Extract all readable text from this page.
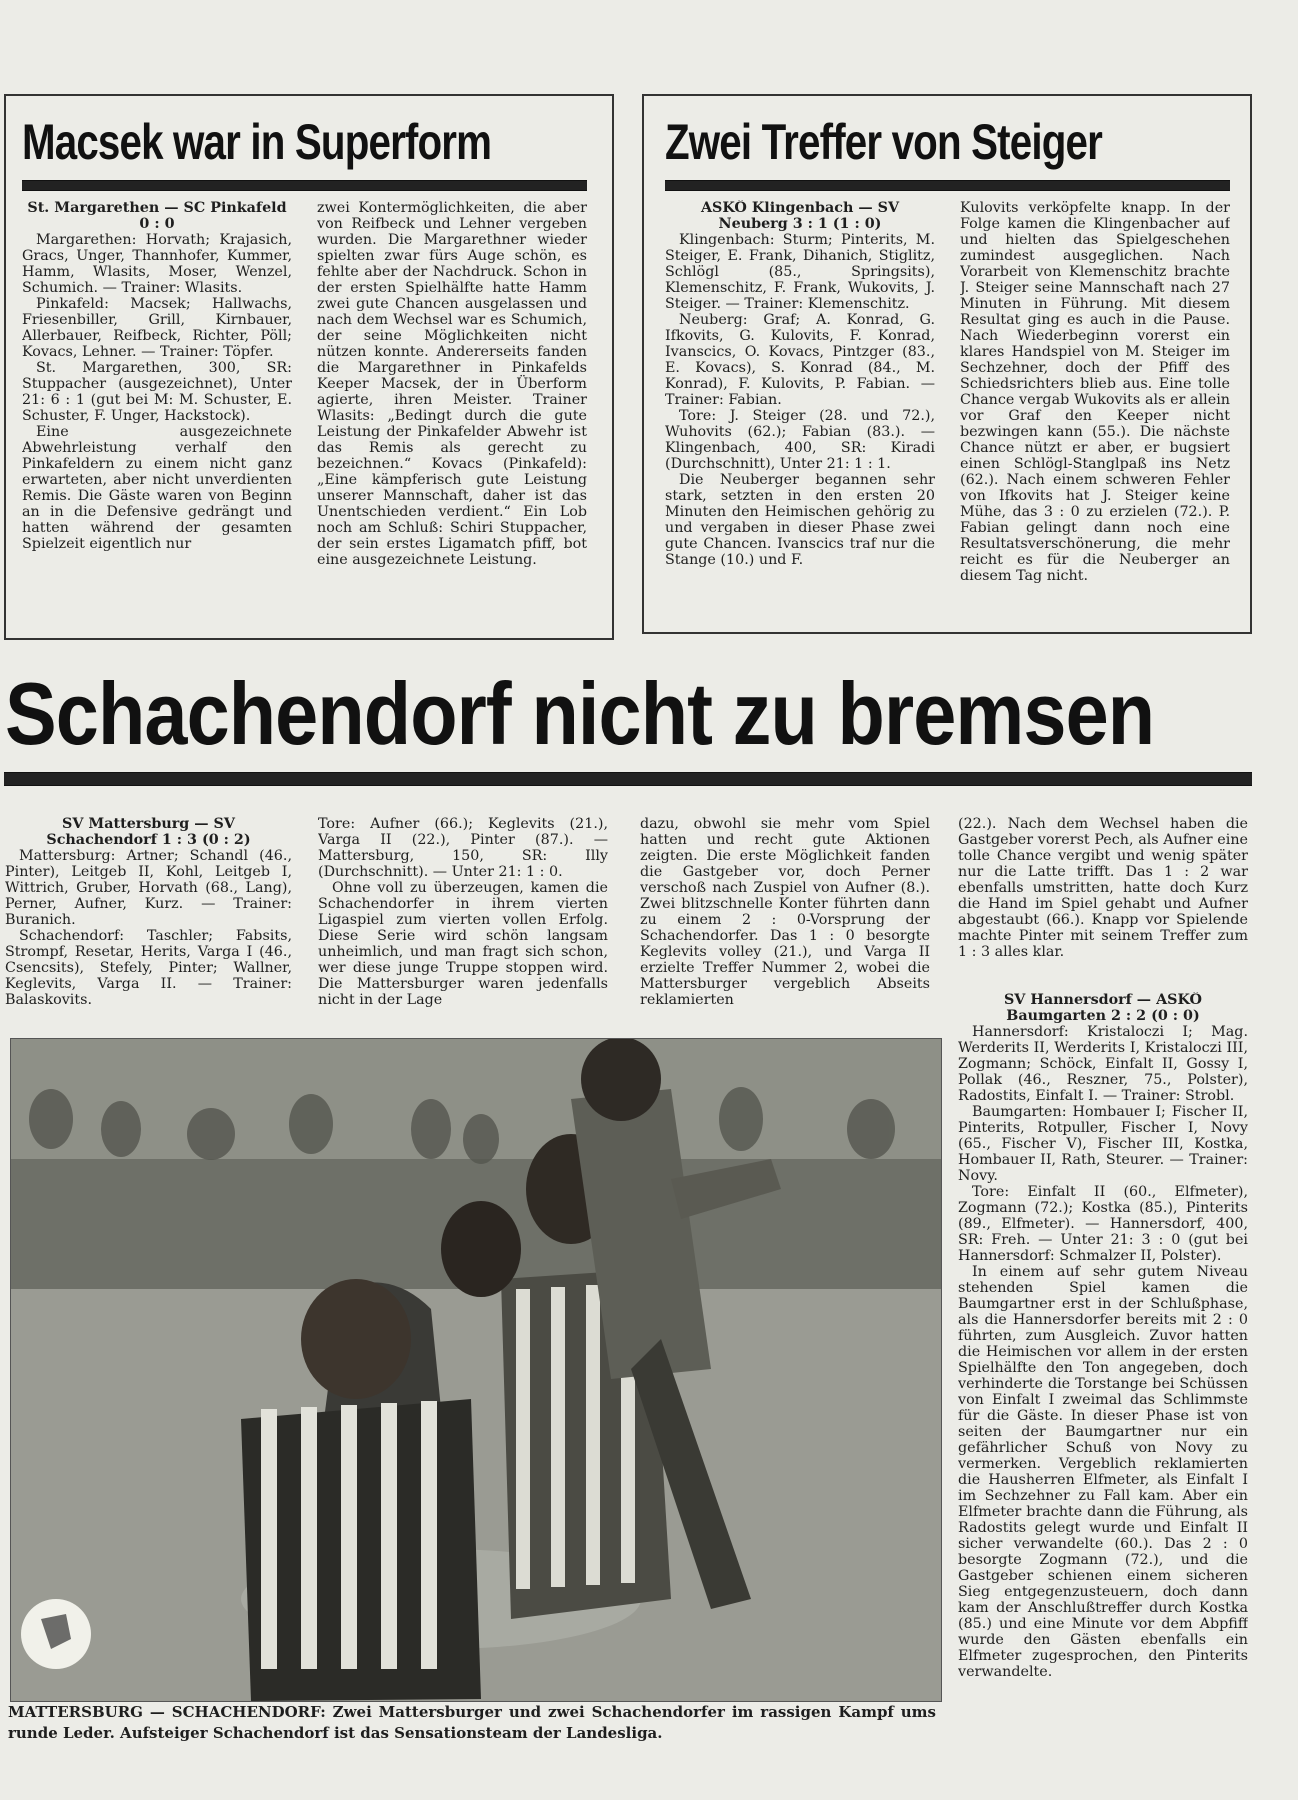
Macsek war in Superform

St. Margarethen — SC Pinkafeld 0 : 0

Margarethen: Horvath; Krajasich, Gracs, Unger, Thannhofer, Kummer, Hamm, Wlasits, Moser, Wenzel, Schumich. — Trainer: Wlasits.

Pinkafeld: Macsek; Hallwachs, Friesenbiller, Grill, Kirnbauer, Allerbauer, Reifbeck, Richter, Pöll; Kovacs, Lehner. — Trainer: Töpfer.

St. Margarethen, 300, SR: Stuppacher (ausgezeichnet), Unter 21: 6 : 1 (gut bei M: M. Schuster, E. Schuster, F. Unger, Hackstock).

Eine ausgezeichnete Abwehrleistung verhalf den Pinkafeldern zu einem nicht ganz erwarteten, aber nicht unverdienten Remis. Die Gäste waren von Beginn an in die Defensive gedrängt und hatten während der gesamten Spielzeit eigentlich nur

zwei Kontermöglichkeiten, die aber von Reifbeck und Lehner vergeben wurden. Die Margarethner wieder spielten zwar fürs Auge schön, es fehlte aber der Nachdruck. Schon in der ersten Spielhälfte hatte Hamm zwei gute Chancen ausgelassen und nach dem Wechsel war es Schumich, der seine Möglichkeiten nicht nützen konnte. Andererseits fanden die Margarethner in Pinkafelds Keeper Macsek, der in Überform agierte, ihren Meister. Trainer Wlasits: „Bedingt durch die gute Leistung der Pinkafelder Abwehr ist das Remis als gerecht zu bezeichnen.“ Kovacs (Pinkafeld): „Eine kämpferisch gute Leistung unserer Mannschaft, daher ist das Unentschieden verdient.“ Ein Lob noch am Schluß: Schiri Stuppacher, der sein erstes Ligamatch pfiff, bot eine ausgezeichnete Leistung.

Zwei Treffer von Steiger

ASKÖ Klingenbach — SV Neuberg 3 : 1 (1 : 0)

Klingenbach: Sturm; Pinterits, M. Steiger, E. Frank, Dihanich, Stiglitz, Schlögl (85., Springsits), Klemenschitz, F. Frank, Wukovits, J. Steiger. — Trainer: Klemenschitz.

Neuberg: Graf; A. Konrad, G. Ifkovits, G. Kulovits, F. Konrad, Ivanscics, O. Kovacs, Pintzger (83., E. Kovacs), S. Konrad (84., M. Konrad), F. Kulovits, P. Fabian. — Trainer: Fabian.

Tore: J. Steiger (28. und 72.), Wuhovits (62.); Fabian (83.). — Klingenbach, 400, SR: Kiradi (Durchschnitt), Unter 21: 1 : 1.

Die Neuberger begannen sehr stark, setzten in den ersten 20 Minuten den Heimischen gehörig zu und vergaben in dieser Phase zwei gute Chancen. Ivanscics traf nur die Stange (10.) und F.

Kulovits verköpfelte knapp. In der Folge kamen die Klingenbacher auf und hielten das Spielgeschehen zumindest ausgeglichen. Nach Vorarbeit von Klemenschitz brachte J. Steiger seine Mannschaft nach 27 Minuten in Führung. Mit diesem Resultat ging es auch in die Pause. Nach Wiederbeginn vorerst ein klares Handspiel von M. Steiger im Sechzehner, doch der Pfiff des Schiedsrichters blieb aus. Eine tolle Chance vergab Wukovits als er allein vor Graf den Keeper nicht bezwingen kann (55.). Die nächste Chance nützt er aber, er bugsiert einen Schlögl-Stanglpaß ins Netz (62.). Nach einem schweren Fehler von Ifkovits hat J. Steiger keine Mühe, das 3 : 0 zu erzielen (72.). P. Fabian gelingt dann noch eine Resultatsverschönerung, die mehr reicht es für die Neuberger an diesem Tag nicht.

Schachendorf nicht zu bremsen

SV Mattersburg — SV Schachendorf 1 : 3 (0 : 2)

Mattersburg: Artner; Schandl (46., Pinter), Leitgeb II, Kohl, Leitgeb I, Wittrich, Gruber, Horvath (68., Lang), Perner, Aufner, Kurz. — Trainer: Buranich.

Schachendorf: Taschler; Fabsits, Strompf, Resetar, Herits, Varga I (46., Csencsits), Stefely, Pinter; Wallner, Keglevits, Varga II. — Trainer: Balaskovits.

Tore: Aufner (66.); Keglevits (21.), Varga II (22.), Pinter (87.). — Mattersburg, 150, SR: Illy (Durchschnitt). — Unter 21: 1 : 0.

Ohne voll zu überzeugen, kamen die Schachendorfer in ihrem vierten Ligaspiel zum vierten vollen Erfolg. Diese Serie wird schön langsam unheimlich, und man fragt sich schon, wer diese junge Truppe stoppen wird. Die Mattersburger waren jedenfalls nicht in der Lage

dazu, obwohl sie mehr vom Spiel hatten und recht gute Aktionen zeigten. Die erste Möglichkeit fanden die Gastgeber vor, doch Perner verschoß nach Zuspiel von Aufner (8.). Zwei blitzschnelle Konter führten dann zu einem 2 : 0-Vorsprung der Schachendorfer. Das 1 : 0 besorgte Keglevits volley (21.), und Varga II erzielte Treffer Nummer 2, wobei die Mattersburger vergeblich Abseits reklamierten

(22.). Nach dem Wechsel haben die Gastgeber vorerst Pech, als Aufner eine tolle Chance vergibt und wenig später nur die Latte trifft. Das 1 : 2 war ebenfalls umstritten, hatte doch Kurz die Hand im Spiel gehabt und Aufner abgestaubt (66.). Knapp vor Spielende machte Pinter mit seinem Treffer zum 1 : 3 alles klar.

SV Hannersdorf — ASKÖ Baumgarten 2 : 2 (0 : 0)

Hannersdorf: Kristaloczi I; Mag. Werderits II, Werderits I, Kristaloczi III, Zogmann; Schöck, Einfalt II, Gossy I, Pollak (46., Reszner, 75., Polster), Radostits, Einfalt I. — Trainer: Strobl.

Baumgarten: Hombauer I; Fischer II, Pinterits, Rotpuller, Fischer I, Novy (65., Fischer V), Fischer III, Kostka, Hombauer II, Rath, Steurer. — Trainer: Novy.

Tore: Einfalt II (60., Elfmeter), Zogmann (72.); Kostka (85.), Pinterits (89., Elfmeter). — Hannersdorf, 400, SR: Freh. — Unter 21: 3 : 0 (gut bei Hannersdorf: Schmalzer II, Polster).

In einem auf sehr gutem Niveau stehenden Spiel kamen die Baumgartner erst in der Schlußphase, als die Hannersdorfer bereits mit 2 : 0 führten, zum Ausgleich. Zuvor hatten die Heimischen vor allem in der ersten Spielhälfte den Ton angegeben, doch verhinderte die Torstange bei Schüssen von Einfalt I zweimal das Schlimmste für die Gäste. In dieser Phase ist von seiten der Baumgartner nur ein gefährlicher Schuß von Novy zu vermerken. Vergeblich reklamierten die Hausherren Elfmeter, als Einfalt I im Sechzehner zu Fall kam. Aber ein Elfmeter brachte dann die Führung, als Radostits gelegt wurde und Einfalt II sicher verwandelte (60.). Das 2 : 0 besorgte Zogmann (72.), und die Gastgeber schienen einem sicheren Sieg entgegenzusteuern, doch dann kam der Anschlußtreffer durch Kostka (85.) und eine Minute vor dem Abpfiff wurde den Gästen ebenfalls ein Elfmeter zugesprochen, den Pinterits verwandelte.

MATTERSBURG — SCHACHENDORF: Zwei Mattersburger und zwei Schachendorfer im rassigen Kampf ums runde Leder. Aufsteiger Schachendorf ist das Sensationsteam der Landesliga.
